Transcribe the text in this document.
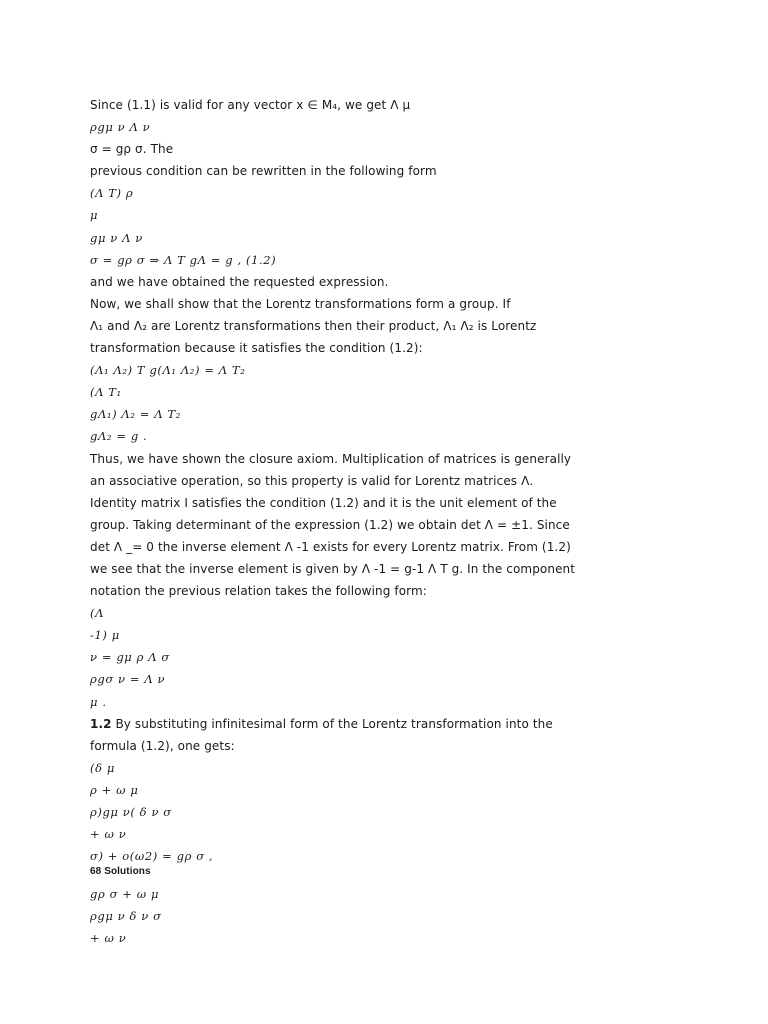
Since (1.1) is valid for any vector x ∈ M₄, we get Λ μ
ρgμ ν Λ ν
σ = gρ σ. The
previous condition can be rewritten in the following form
(Λ T) ρ
μ
gμ ν Λ ν
σ = gρ σ ⇒ Λ T gΛ = g , (1.2)
and we have obtained the requested expression.
Now, we shall show that the Lorentz transformations form a group. If
Λ₁ and Λ₂ are Lorentz transformations then their product, Λ₁ Λ₂ is Lorentz
transformation because it satisfies the condition (1.2):
(Λ₁ Λ₂) T g(Λ₁ Λ₂) = Λ T₂
(Λ T₁
gΛ₁) Λ₂ = Λ T₂
gΛ₂ = g .
Thus, we have shown the closure axiom. Multiplication of matrices is generally
an associative operation, so this property is valid for Lorentz matrices Λ.
Identity matrix I satisfies the condition (1.2) and it is the unit element of the
group. Taking determinant of the expression (1.2) we obtain det Λ = ±1. Since
det Λ _= 0 the inverse element Λ -1 exists for every Lorentz matrix. From (1.2)
we see that the inverse element is given by Λ -1 = g-1 Λ T g. In the component
notation the previous relation takes the following form:
(Λ
-1) μ
ν = gμ ρ Λ σ
ρgσ ν = Λ ν
μ .
1.2 By substituting infinitesimal form of the Lorentz transformation into the
formula (1.2), one gets:
(δ μ
ρ + ω μ
ρ)gμ ν( δ ν σ
+ ω ν
σ) + o(ω2) = gρ σ ,
68 Solutions
gρ σ + ω μ
ρgμ ν δ ν σ
+ ω ν
